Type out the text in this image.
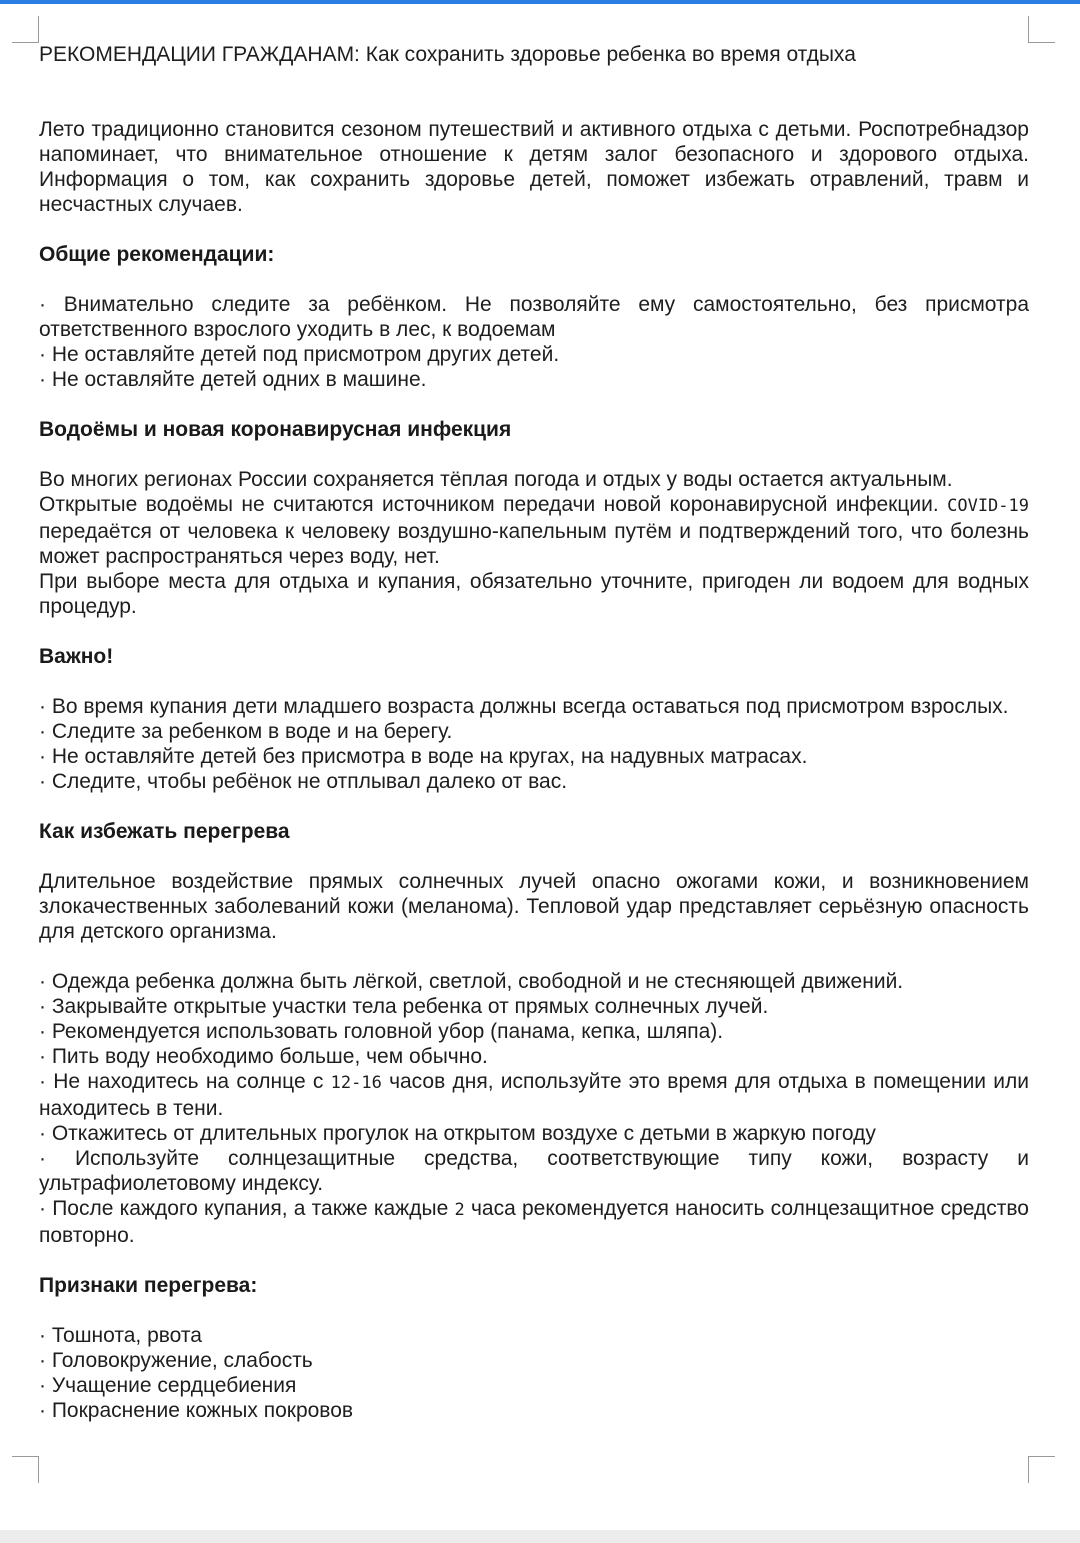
РЕКОМЕНДАЦИИ ГРАЖДАНАМ: Как сохранить здоровье ребенка во время отдыха

Лето традиционно становится сезоном путешествий и активного отдыха с детьми. Роспотребнадзор напоминает, что внимательное отношение к детям залог безопасного и здорового отдыха. Информация о том, как сохранить здоровье детей, поможет избежать отравлений, травм и несчастных случаев.

Общие рекомендации:

· Внимательно следите за ребёнком. Не позволяйте ему самостоятельно, без присмотра ответственного взрослого уходить в лес, к водоемам

· Не оставляйте детей под присмотром других детей.

· Не оставляйте детей одних в машине.

Водоёмы и новая коронавирусная инфекция

Во многих регионах России сохраняется тёплая погода и отдых у воды остается актуальным.

Открытые водоёмы не считаются источником передачи новой коронавирусной инфекции. COVID-19 передаётся от человека к человеку воздушно-капельным путём и подтверждений того, что болезнь может распространяться через воду, нет.

При выборе места для отдыха и купания, обязательно уточните, пригоден ли водоем для водных процедур.

Важно!

· Во время купания дети младшего возраста должны всегда оставаться под присмотром взрослых.

· Следите за ребенком в воде и на берегу.

· Не оставляйте детей без присмотра в воде на кругах, на надувных матрасах.

· Следите, чтобы ребёнок не отплывал далеко от вас.

Как избежать перегрева

Длительное воздействие прямых солнечных лучей опасно ожогами кожи, и возникновением злокачественных заболеваний кожи (меланома). Тепловой удар представляет серьёзную опасность для детского организма.

· Одежда ребенка должна быть лёгкой, светлой, свободной и не стесняющей движений.

· Закрывайте открытые участки тела ребенка от прямых солнечных лучей.

· Рекомендуется использовать головной убор (панама, кепка, шляпа).

· Пить воду необходимо больше, чем обычно.

· Не находитесь на солнце с 12-16 часов дня, используйте это время для отдыха в помещении или находитесь в тени.

· Откажитесь от длительных прогулок на открытом воздухе с детьми в жаркую погоду

· Используйте солнцезащитные средства, соответствующие типу кожи, возрасту и ультрафиолетовому индексу.

· После каждого купания, а также каждые 2 часа рекомендуется наносить солнцезащитное средство повторно.

Признаки перегрева:

· Тошнота, рвота

· Головокружение, слабость

· Учащение сердцебиения

· Покраснение кожных покровов
